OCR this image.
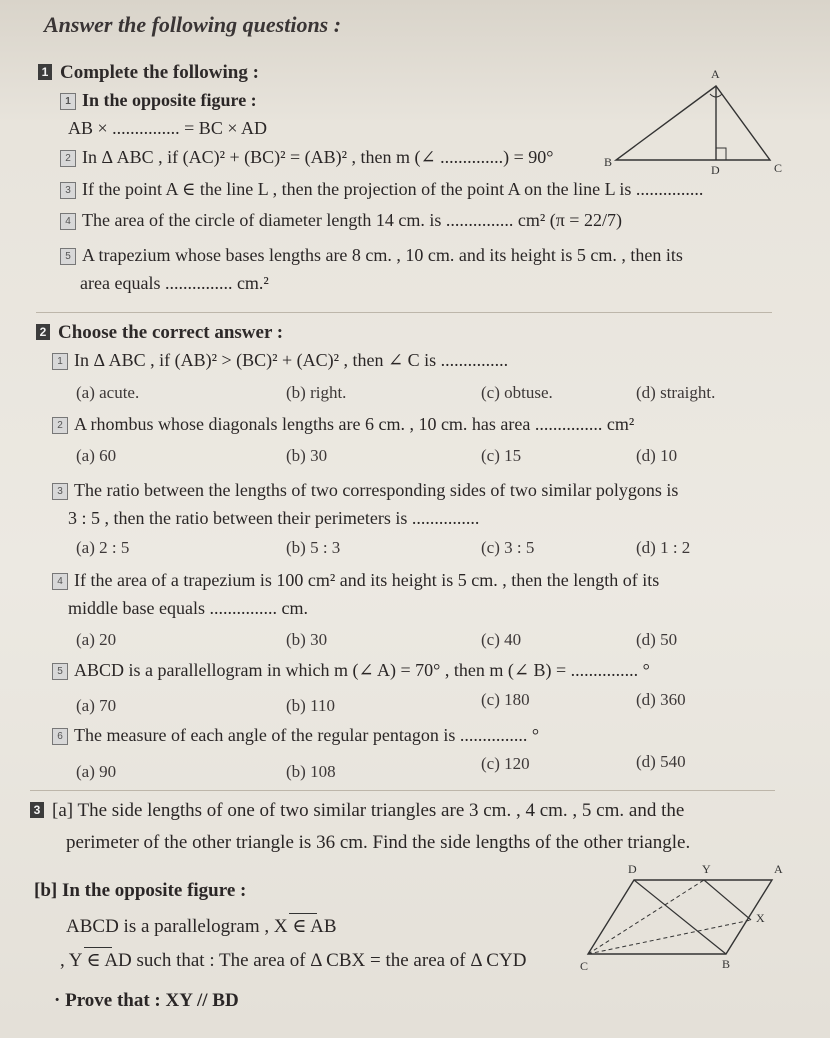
Answer the following questions :
1 Complete the following :
1 In the opposite figure :
AB × ............... = BC × AD
2 In Δ ABC , if (AC)² + (BC)² = (AB)² , then m (∠ ..............) = 90°
3 If the point A ∈ the line L , then the projection of the point A on the line L is ...............
4 The area of the circle of diameter length 14 cm. is ............... cm² (π = 22/7)
5 A trapezium whose bases lengths are 8 cm. , 10 cm. and its height is 5 cm. , then its
area equals ............... cm.²
A
B	C
D
2 Choose the correct answer :
1 In Δ ABC , if (AB)² > (BC)² + (AC)² , then ∠ C is ...............
(a) acute.	(b) right.	(c) obtuse.	(d) straight.
2 A rhombus whose diagonals lengths are 6 cm. , 10 cm. has area ............... cm²
(a) 60	(b) 30	(c) 15	(d) 10
3 The ratio between the lengths of two corresponding sides of two similar polygons is
3 : 5 , then the ratio between their perimeters is ...............
(a) 2 : 5	(b) 5 : 3	(c) 3 : 5	(d) 1 : 2
4 If the area of a trapezium is 100 cm² and its height is 5 cm. , then the length of its
middle base equals ............... cm.
(a) 20	(b) 30	(c) 40	(d) 50
5 ABCD is a parallellogram in which m (∠ A) = 70° , then m (∠ B) = ............... °
(a) 70	(b) 110	(c) 180	(d) 360
6 The measure of each angle of the regular pentagon is ............... °
(a) 90	(b) 108	(c) 120	(d) 540
3 [a] The side lengths of one of two similar triangles are 3 cm. , 4 cm. , 5 cm. and the
perimeter of the other triangle is 36 cm. Find the side lengths of the other triangle.
[b] In the opposite figure :
ABCD is a parallelogram , X ∈ AB
, Y ∈ AD such that : The area of Δ CBX = the area of Δ CYD
· Prove that : XY // BD
D	Y	A
X
C	B
